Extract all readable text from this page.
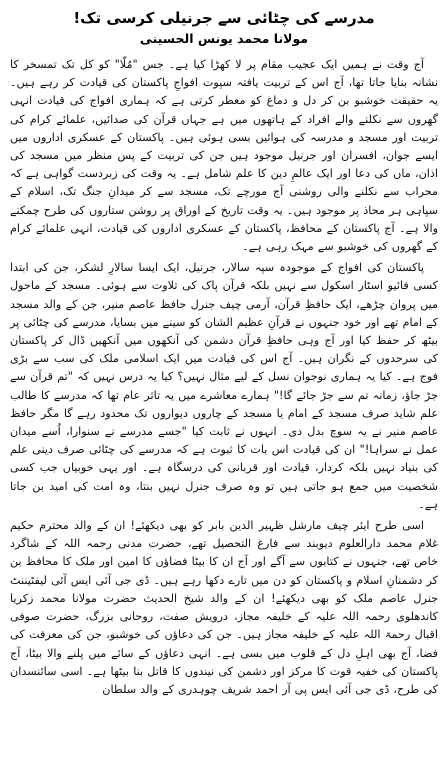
مدرسے کی چٹائی سے جرنیلی کرسی تک!
مولانا محمد یونس الحسینی

آج وقت نے ہمیں ایک عجیب مقام پر لا کھڑا کیا ہے۔ جس "مُلّا" کو کل تک تمسخر کا نشانہ بنایا جاتا تھا، آج اس کے تربیت یافتہ سپوت افواجِ پاکستان کی قیادت کر رہے ہیں۔ یہ حقیقت خوشبو بن کر دل و دماغ کو معطر کرتی ہے کہ ہماری افواج کی قیادت انہی گھروں سے نکلنے والے افراد کے ہاتھوں میں ہے جہاں قرآن کی صدائیں، علمائے کرام کی تربیت اور مسجد و مدرسہ کی ہوائیں بسی ہوئی ہیں۔ پاکستان کے عسکری اداروں میں ایسے جوان، افسران اور جرنیل موجود ہیں جن کی تربیت کے پس منظر میں مسجد کی اذان، ماں کی دعا اور ایک عالمِ دین کا علم شامل ہے۔ یہ وقت کی زبردست گواہی ہے کہ محراب سے نکلنے والی روشنی آج مورچے تک، مسجد سے کر میدانِ جنگ تک، اسلام کے سپاہی ہر محاذ پر موجود ہیں۔ یہ وقت تاریخ کے اوراق پر روشن ستاروں کی طرح چمکنے والا ہے۔ آج پاکستان کے محافظ، پاکستان کے عسکری اداروں کی قیادت، انہی علمائے کرام کے گھروں کی خوشبو سے مہک رہی ہے۔

پاکستان کی افواج کے موجودہ سپہ سالار، جرنیل، ایک ایسا سالارِ لشکر، جن کی ابتدا کسی فائیو اسٹار اسکول سے نہیں بلکہ قرآن پاک کی تلاوت سے ہوئی۔ مسجد کے ماحول میں پروان چڑھے، ایک حافظِ قرآن، آرمی چیف جنرل حافظ عاصم منیر، جن کے والد مسجد کے امام تھے اور خود جنہوں نے قرآنِ عظیم الشان کو سینے میں بسایا، مدرسے کی چٹائی پر بیٹھ کر حفظ کیا اور آج وہی حافظِ قرآن دشمن کی آنکھوں میں آنکھیں ڈال کر پاکستان کی سرحدوں کے نگران ہیں۔ آج اس کی قیادت میں ایک اسلامی ملک کی سب سے بڑی فوج ہے۔ کیا یہ ہماری نوجوان نسل کے لیے مثال نہیں؟ کیا یہ درس نہیں کہ "تم قرآن سے جڑ جاؤ، زمانہ تم سے جڑ جائے گا!" ہمارے معاشرے میں یہ تاثر عام تھا کہ مدرسے کا طالب علم شاید صرف مسجد کے امام یا مسجد کے چاروں دیواروں تک محدود رہے گا مگر حافظ عاصم منیر نے یہ سوچ بدل دی۔ انہوں نے ثابت کیا "جسے مدرسے نے سنوارا، اُسے میدان عمل نے سراہا!" ان کی قیادت اس بات کا ثبوت ہے کہ مدرسے کی چٹائی صرف دینی علم کی بنیاد نہیں بلکہ کردار، قیادت اور قربانی کی درسگاہ ہے۔ اور یہی خوبیاں جب کسی شخصیت میں جمع ہو جاتی ہیں تو وہ صرف جنرل نہیں بنتا، وہ امت کی امید بن جاتا ہے۔

اسی طرح ایئر چیف مارشل ظہیر الدین بابر کو بھی دیکھئے! ان کے والد محترم حکیم غلام محمد دارالعلوم دیوبند سے فارغ التحصیل تھے، حضرت مدنی رحمہ اللہ کے شاگرد خاص تھے، جنہوں نے کتابوں سے آگے اور آج ان کا بیٹا فضاؤں کا امین اور ملک کا محافظ بن کر دشمنانِ اسلام و پاکستان کو دن میں تارے دکھا رہے ہیں۔ ڈی جی آئی ایس آئی لیفٹیننٹ جنرل عاصم ملک کو بھی دیکھئے! ان کے والد شیخ الحدیث حضرت مولانا محمد زکریا کاندھلوی رحمہ اللہ علیہ کے خلیفہ مجاز، درویش صفت، روحانی بزرگ، حضرت صوفی اقبال رحمۃ اللہ علیہ کے خلیفہ مجاز ہیں۔ جن کی دعاؤں کی خوشبو، جن کی معرفت کی فضا، آج بھی اہلِ دل کے قلوب میں بسی ہے۔ انہی دعاؤں کے سائے میں پلنے والا بیٹا، آج پاکستان کی خفیہ قوت کا مرکز اور دشمن کی نیندوں کا قاتل بنا بیٹھا ہے۔ اسی سائنسدان کی طرح، ڈی جی آئی ایس پی آر احمد شریف چوہدری کے والد سلطان
